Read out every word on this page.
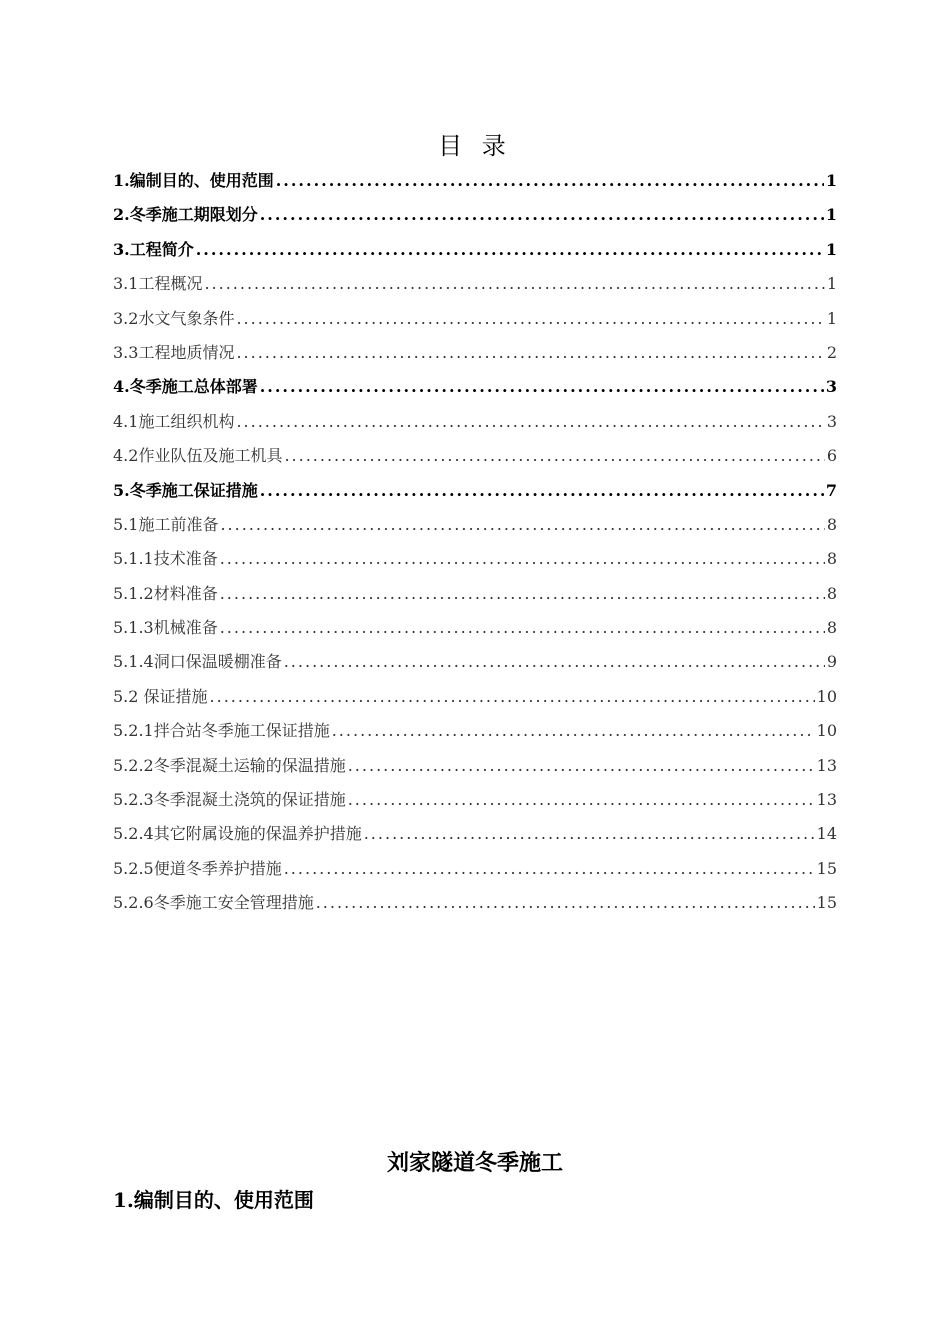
目 录
1.编制目的、使用范围 .....	1
2.冬季施工期限划分 .....	1
3.工程简介 .....	1
3.1工程概况 .....	1
3.2水文气象条件 .....	1
3.3工程地质情况 .....	2
4.冬季施工总体部署 .....	3
4.1施工组织机构 .....	3
4.2作业队伍及施工机具 .....	6
5.冬季施工保证措施 .....	7
5.1施工前准备 .....	8
5.1.1技术准备 .....	8
5.1.2材料准备 .....	8
5.1.3机械准备 .....	8
5.1.4洞口保温暖棚准备 .....	9
5.2 保证措施 .....	10
5.2.1拌合站冬季施工保证措施 .....	10
5.2.2冬季混凝土运输的保温措施 .....	13
5.2.3冬季混凝土浇筑的保证措施 .....	13
5.2.4其它附属设施的保温养护措施 .....	14
5.2.5便道冬季养护措施 .....	15
5.2.6冬季施工安全管理措施 .....	15
刘家隧道冬季施工
1.编制目的、使用范围
